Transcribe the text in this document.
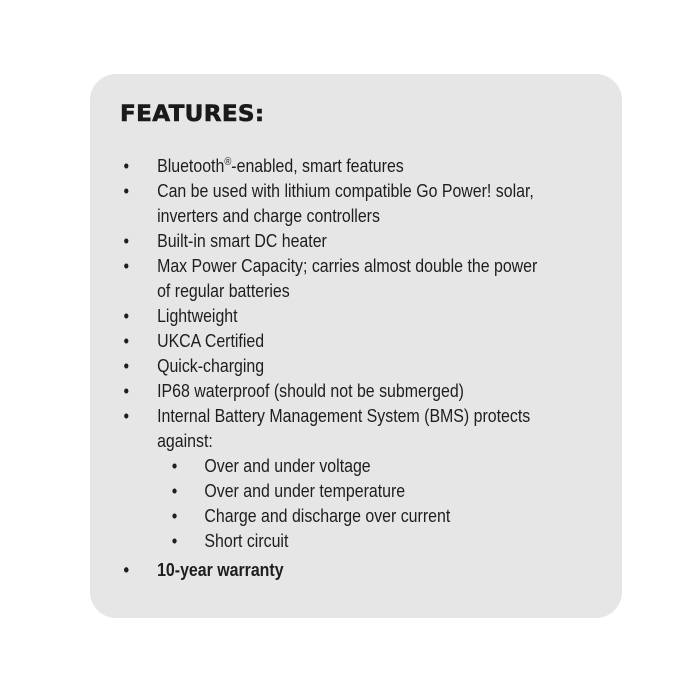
FEATURES:
• Bluetooth®-enabled, smart features
• Can be used with lithium compatible Go Power! solar,
inverters and charge controllers
• Built-in smart DC heater
• Max Power Capacity; carries almost double the power
of regular batteries
• Lightweight
• UKCA Certified
• Quick-charging
• IP68 waterproof (should not be submerged)
• Internal Battery Management System (BMS) protects
against:
• Over and under voltage
• Over and under temperature
• Charge and discharge over current
• Short circuit
• 10-year warranty
